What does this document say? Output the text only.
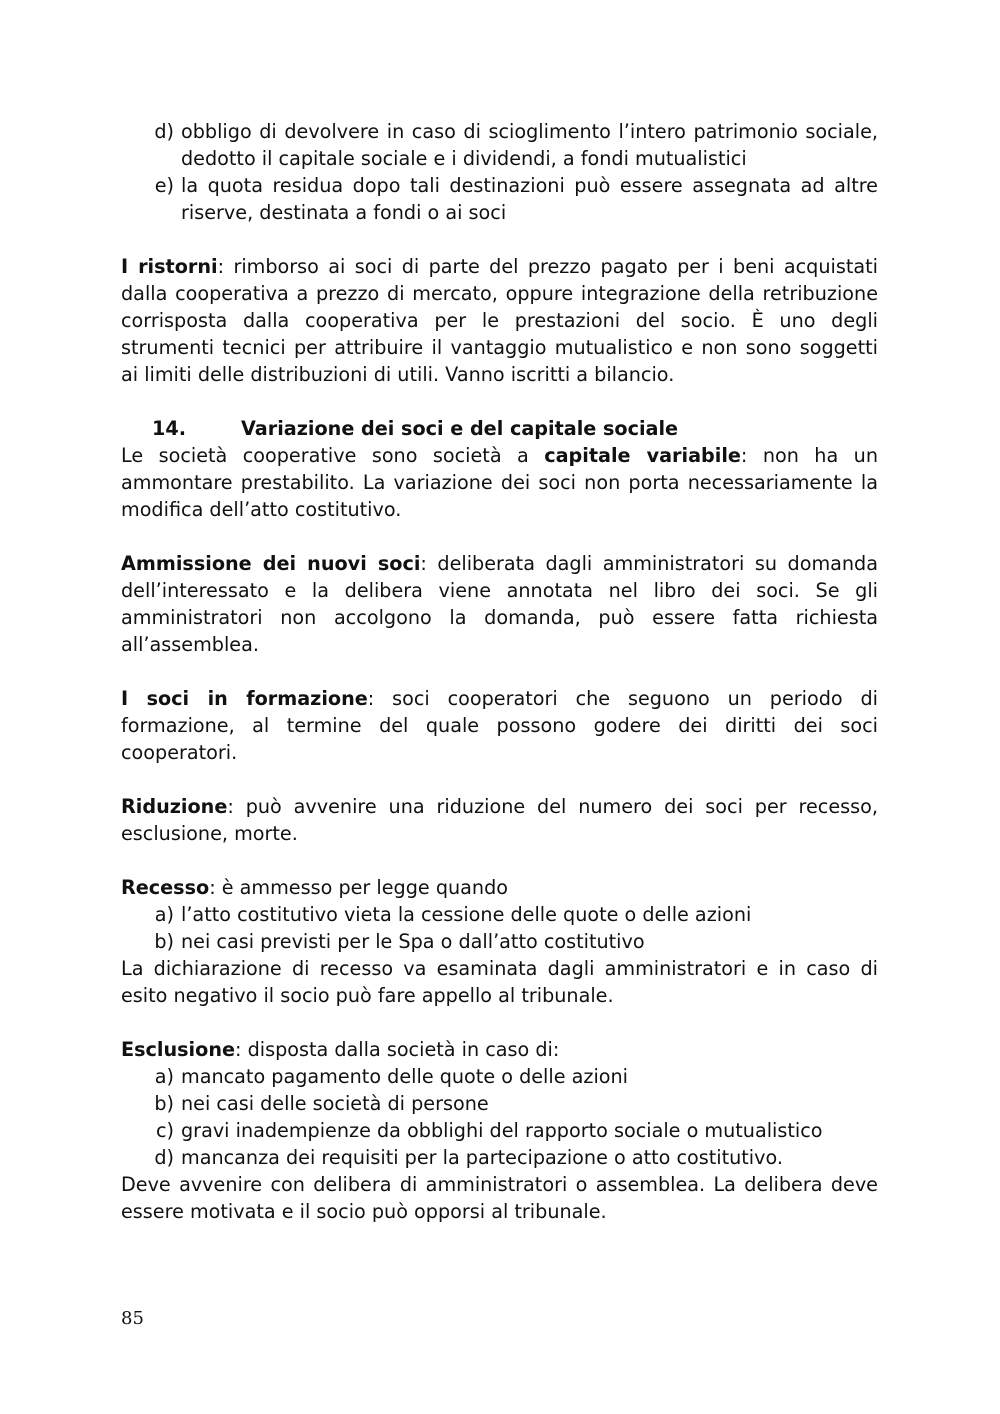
d) obbligo di devolvere in caso di scioglimento l’intero patrimonio sociale, dedotto il capitale sociale e i dividendi, a fondi mutualistici
e) la quota residua dopo tali destinazioni può essere assegnata ad altre riserve, destinata a fondi o ai soci

I ristorni: rimborso ai soci di parte del prezzo pagato per i beni acquistati dalla cooperativa a prezzo di mercato, oppure integrazione della retribuzione corrisposta dalla cooperativa per le prestazioni del socio. È uno degli strumenti tecnici per attribuire il vantaggio mutualistico e non sono soggetti ai limiti delle distribuzioni di utili. Vanno iscritti a bilancio.

14.	Variazione dei soci e del capitale sociale

Le società cooperative sono società a capitale variabile: non ha un ammontare prestabilito. La variazione dei soci non porta necessariamente la modifica dell’atto costitutivo.

Ammissione dei nuovi soci: deliberata dagli amministratori su domanda dell’interessato e la delibera viene annotata nel libro dei soci. Se gli amministratori non accolgono la domanda, può essere fatta richiesta all’assemblea.

I soci in formazione: soci cooperatori che seguono un periodo di formazione, al termine del quale possono godere dei diritti dei soci cooperatori.

Riduzione: può avvenire una riduzione del numero dei soci per recesso, esclusione, morte.

Recesso: è ammesso per legge quando

a) l’atto costitutivo vieta la cessione delle quote o delle azioni
b) nei casi previsti per le Spa o dall’atto costitutivo

La dichiarazione di recesso va esaminata dagli amministratori e in caso di esito negativo il socio può fare appello al tribunale.

Esclusione: disposta dalla società in caso di:

a) mancato pagamento delle quote o delle azioni
b) nei casi delle società di persone
c) gravi inadempienze da obblighi del rapporto sociale o mutualistico
d) mancanza dei requisiti per la partecipazione o atto costitutivo.

Deve avvenire con delibera di amministratori o assemblea. La delibera deve essere motivata e il socio può opporsi al tribunale.

85
